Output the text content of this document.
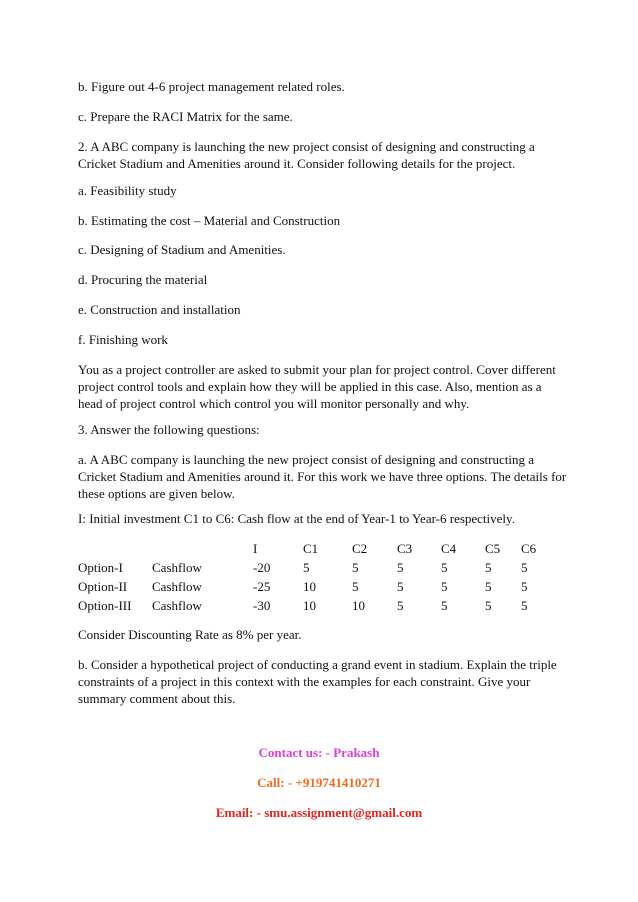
b. Figure out 4-6 project management related roles.

c. Prepare the RACI Matrix for the same.

2. A ABC company is launching the new project consist of designing and constructing a Cricket Stadium and Amenities around it. Consider following details for the project.

a. Feasibility study

b. Estimating the cost – Material and Construction

c. Designing of Stadium and Amenities.

d. Procuring the material

e. Construction and installation

f. Finishing work

You as a project controller are asked to submit your plan for project control. Cover different project control tools and explain how they will be applied in this case. Also, mention as a head of project control which control you will monitor personally and why.

3. Answer the following questions:

a. A ABC company is launching the new project consist of designing and constructing a Cricket Stadium and Amenities around it. For this work we have three options. The details for these options are given below.

I: Initial investment C1 to C6: Cash flow at the end of Year-1 to Year-6 respectively.

		I	C1	C2	C3	C4	C5	C6
Option-I	Cashflow	-20	5	5	5	5	5	5
Option-II	Cashflow	-25	10	5	5	5	5	5
Option-III	Cashflow	-30	10	10	5	5	5	5

Consider Discounting Rate as 8% per year.

b. Consider a hypothetical project of conducting a grand event in stadium. Explain the triple constraints of a project in this context with the examples for each constraint. Give your summary comment about this.

Contact us: - Prakash

Call: - +919741410271

Email: - smu.assignment@gmail.com
